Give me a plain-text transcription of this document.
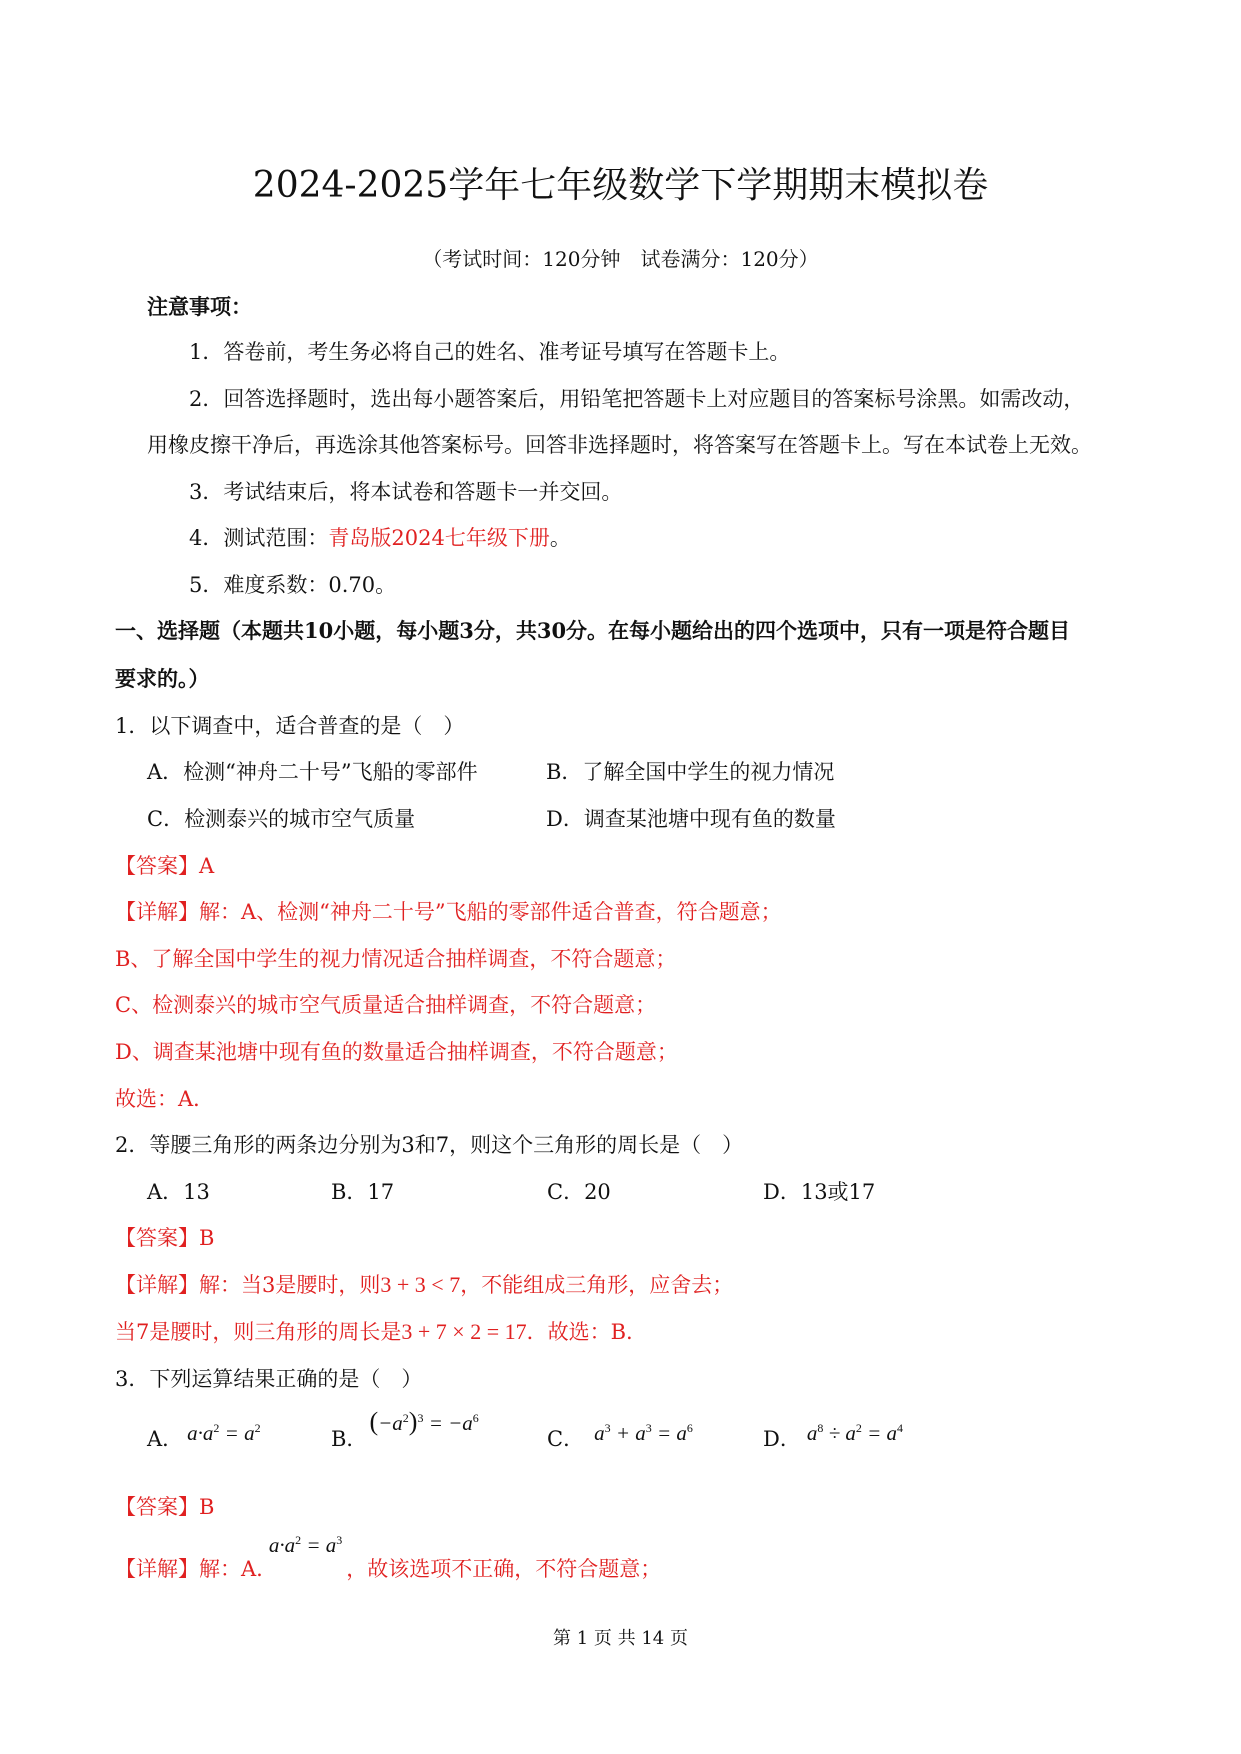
2024-2025学年七年级数学下学期期末模拟卷
（考试时间：120分钟　试卷满分：120分）
注意事项：
1．答卷前，考生务必将自己的姓名、准考证号填写在答题卡上。
2．回答选择题时，选出每小题答案后，用铅笔把答题卡上对应题目的答案标号涂黑。如需改动，
用橡皮擦干净后，再选涂其他答案标号。回答非选择题时，将答案写在答题卡上。写在本试卷上无效。
3．考试结束后，将本试卷和答题卡一并交回。
4．测试范围：青岛版2024七年级下册。
5．难度系数：0.70。
一、选择题（本题共10小题，每小题3分，共30分。在每小题给出的四个选项中，只有一项是符合题目
要求的。）
1．以下调查中，适合普查的是（　）
A．检测“神舟二十号”飞船的零部件	B．了解全国中学生的视力情况
C．检测泰兴的城市空气质量	D．调查某池塘中现有鱼的数量
【答案】A
【详解】解：A、检测“神舟二十号”飞船的零部件适合普查，符合题意；
B、了解全国中学生的视力情况适合抽样调查，不符合题意；
C、检测泰兴的城市空气质量适合抽样调查，不符合题意；
D、调查某池塘中现有鱼的数量适合抽样调查，不符合题意；
故选：A．
2．等腰三角形的两条边分别为3和7，则这个三角形的周长是（　）
A．13	B．17	C．20	D．13或17
【答案】B
【详解】解：当3是腰时，则3 + 3 < 7，不能组成三角形，应舍去；
当7是腰时，则三角形的周长是3 + 7 × 2 = 17．故选：B.
3．下列运算结果正确的是（　）
A． $a\cdot a^2 = a^2$	B．$(-a^2)^3 = -a^6$
C． $a^3 + a^3 = a^6$	D． $a^8 \div a^2 = a^4$
【答案】B
【详解】解：$A.a\cdot a^2 = a^3$，故该选项不正确，不符合题意；
第 1 页 共 14 页
